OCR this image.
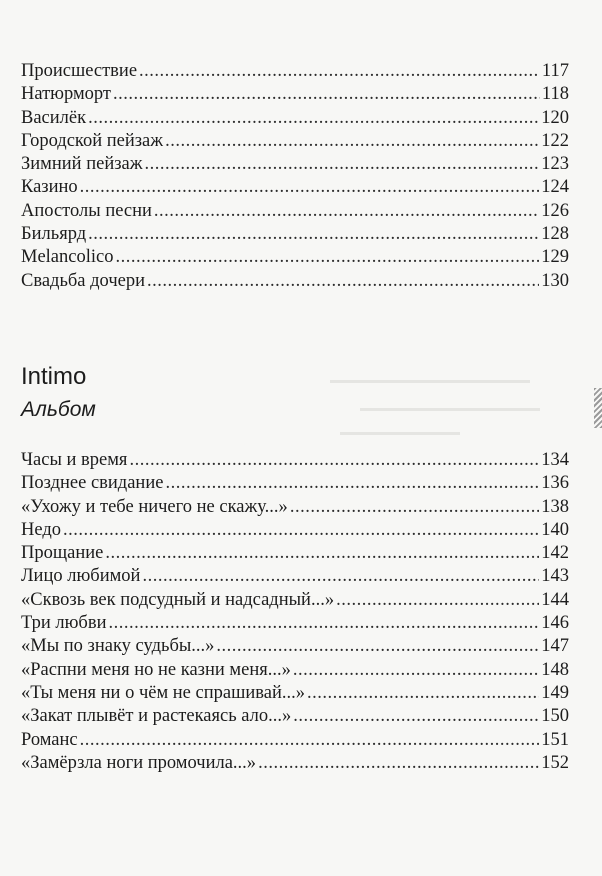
Происшествие .....	117
Натюрморт .....	118
Василёк .....	120
Городской пейзаж .....	122
Зимний пейзаж .....	123
Казино .....	124
Апостолы песни .....	126
Бильярд .....	128
Melancolico .....	129
Свадьба дочери .....	130
Intimo
Альбом
Часы и время .....	134
Позднее свидание .....	136
«Ухожу и тебе ничего не скажу...» .....	138
Недо .....	140
Прощание .....	142
Лицо любимой .....	143
«Сквозь век подсудный и надсадный...» .....	144
Три любви .....	146
«Мы по знаку судьбы...» .....	147
«Распни меня но не казни меня...» .....	148
«Ты меня ни о чём не спрашивай...» .....	149
«Закат плывёт и растекаясь ало...» .....	150
Романс .....	151
«Замёрзла ноги промочила...» .....	152
